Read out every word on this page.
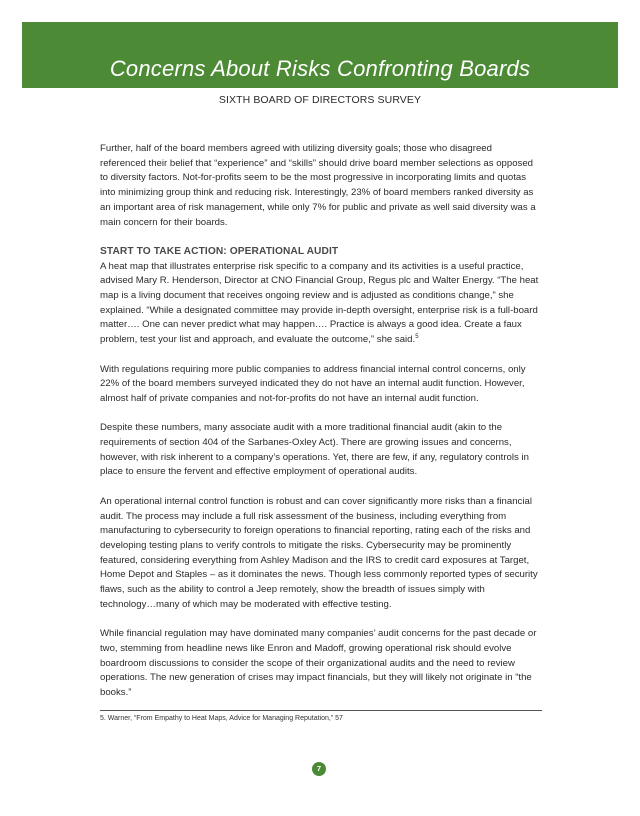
Concerns About Risks Confronting Boards
SIXTH BOARD OF DIRECTORS SURVEY

Further, half of the board members agreed with utilizing diversity goals; those who disagreed referenced their belief that “experience” and “skills” should drive board member selections as opposed to diversity factors. Not-for-profits seem to be the most progressive in incorporating limits and quotas into minimizing group think and reducing risk. Interestingly, 23% of board members ranked diversity as an important area of risk management, while only 7% for public and private as well said diversity was a main concern for their boards.

START TO TAKE ACTION: OPERATIONAL AUDIT

A heat map that illustrates enterprise risk specific to a company and its activities is a useful practice, advised Mary R. Henderson, Director at CNO Financial Group, Regus plc and Walter Energy. “The heat map is a living document that receives ongoing review and is adjusted as conditions change,” she explained. “While a designated committee may provide in-depth oversight, enterprise risk is a full-board matter…. One can never predict what may happen…. Practice is always a good idea. Create a faux problem, test your list and approach, and evaluate the outcome,” she said.$^5$

With regulations requiring more public companies to address financial internal control concerns, only 22% of the board members surveyed indicated they do not have an internal audit function. However, almost half of private companies and not-for-profits do not have an internal audit function.

Despite these numbers, many associate audit with a more traditional financial audit (akin to the requirements of section 404 of the Sarbanes-Oxley Act). There are growing issues and concerns, however, with risk inherent to a company’s operations. Yet, there are few, if any, regulatory controls in place to ensure the fervent and effective employment of operational audits.

An operational internal control function is robust and can cover significantly more risks than a financial audit. The process may include a full risk assessment of the business, including everything from manufacturing to cybersecurity to foreign operations to financial reporting, rating each of the risks and developing testing plans to verify controls to mitigate the risks. Cybersecurity may be prominently featured, considering everything from Ashley Madison and the IRS to credit card exposures at Target, Home Depot and Staples – as it dominates the news. Though less commonly reported types of security flaws, such as the ability to control a Jeep remotely, show the breadth of issues simply with technology…many of which may be moderated with effective testing.

While financial regulation may have dominated many companies’ audit concerns for the past decade or two, stemming from headline news like Enron and Madoff, growing operational risk should evolve boardroom discussions to consider the scope of their organizational audits and the need to review operations. The new generation of crises may impact financials, but they will likely not originate in “the books.”

5. Warner, “From Empathy to Heat Maps, Advice for Managing Reputation,” 57
7
